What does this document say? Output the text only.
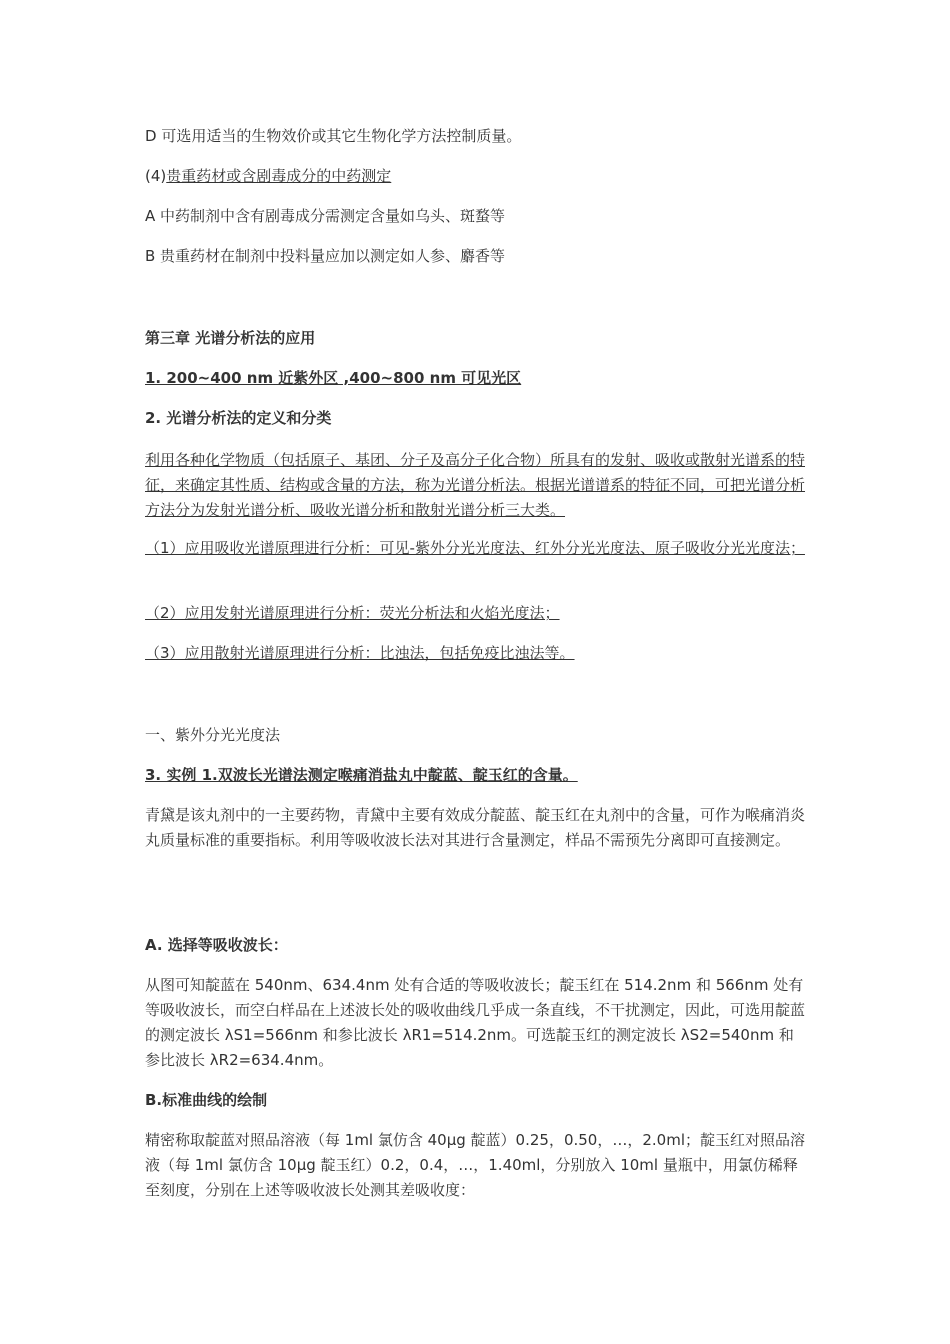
D 可选用适当的生物效价或其它生物化学方法控制质量。

(4)贵重药材或含剧毒成分的中药测定

A 中药制剂中含有剧毒成分需测定含量如乌头、斑蝥等

B 贵重药材在制剂中投料量应加以测定如人参、麝香等

第三章 光谱分析法的应用

1. 200~400 nm 近紫外区 ,400~800 nm 可见光区

2. 光谱分析法的定义和分类

利用各种化学物质（包括原子、基团、分子及高分子化合物）所具有的发射、吸收或散射光谱系的特征，来确定其性质、结构或含量的方法，称为光谱分析法。根据光谱谱系的特征不同，可把光谱分析方法分为发射光谱分析、吸收光谱分析和散射光谱分析三大类。

（1）应用吸收光谱原理进行分析：可见-紫外分光光度法、红外分光光度法、原子吸收分光光度法；

（2）应用发射光谱原理进行分析：荧光分析法和火焰光度法；

（3）应用散射光谱原理进行分析：比浊法，包括免疫比浊法等。

一、紫外分光光度法

3. 实例 1.双波长光谱法测定喉痛消盐丸中靛蓝、靛玉红的含量。

青黛是该丸剂中的一主要药物，青黛中主要有效成分靛蓝、靛玉红在丸剂中的含量，可作为喉痛消炎丸质量标准的重要指标。利用等吸收波长法对其进行含量测定，样品不需预先分离即可直接测定。

A. 选择等吸收波长：

从图可知靛蓝在 540nm、634.4nm 处有合适的等吸收波长；靛玉红在 514.2nm 和 566nm 处有等吸收波长，而空白样品在上述波长处的吸收曲线几乎成一条直线，不干扰测定，因此，可选用靛蓝的测定波长 λS1=566nm 和参比波长 λR1=514.2nm。可选靛玉红的测定波长 λS2=540nm 和参比波长 λR2=634.4nm。

B.标准曲线的绘制

精密称取靛蓝对照品溶液（每 1ml 氯仿含 40μg 靛蓝）0.25，0.50，…，2.0ml；靛玉红对照品溶液（每 1ml 氯仿含 10μg 靛玉红）0.2，0.4，…，1.40ml，分别放入 10ml 量瓶中，用氯仿稀释至刻度，分别在上述等吸收波长处测其差吸收度：
